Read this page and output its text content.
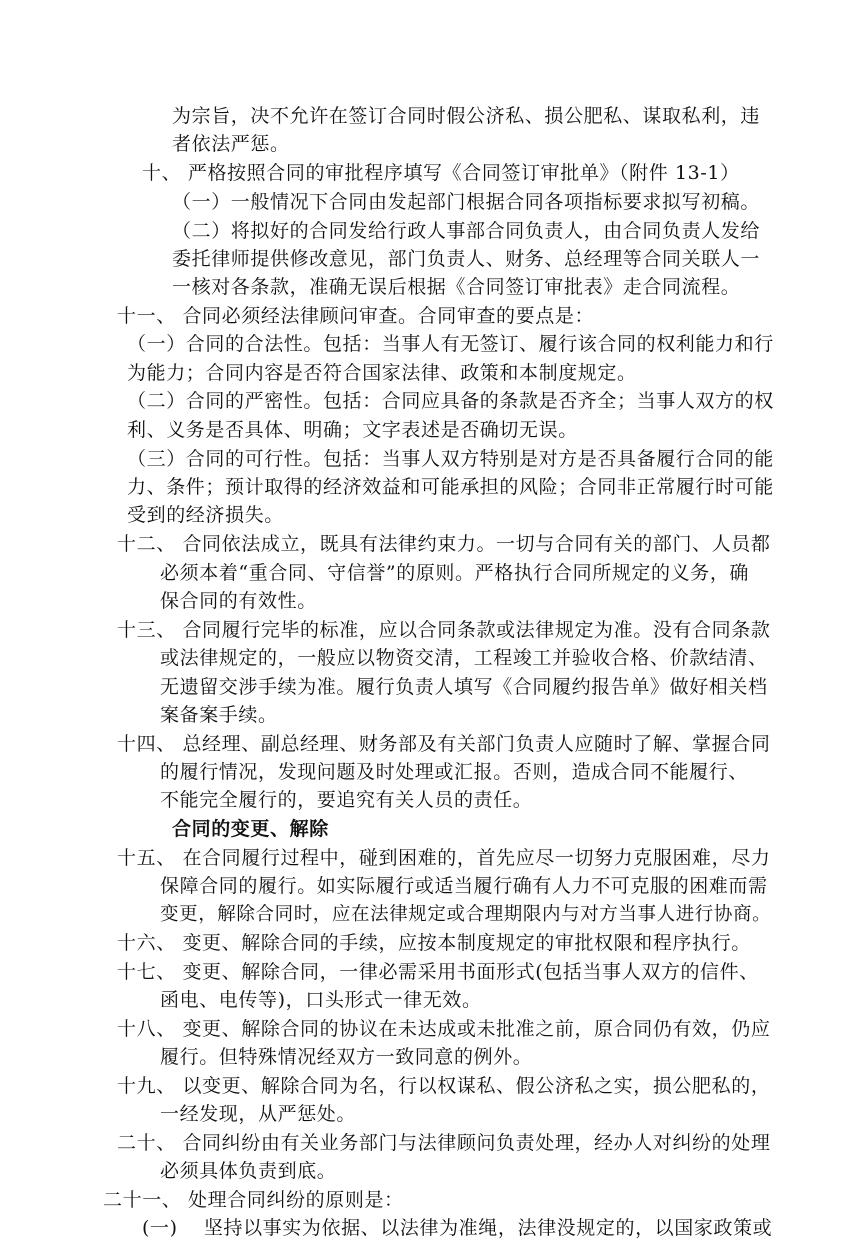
为宗旨，决不允许在签订合同时假公济私、损公肥私、谋取私利，违
者依法严惩。
十、 严格按照合同的审批程序填写《合同签订审批单》（附件 13-1）
（一）一般情况下合同由发起部门根据合同各项指标要求拟写初稿。
（二）将拟好的合同发给行政人事部合同负责人，由合同负责人发给
委托律师提供修改意见，部门负责人、财务、总经理等合同关联人一
一核对各条款，准确无误后根据《合同签订审批表》走合同流程。
十一、 合同必须经法律顾问审查。合同审查的要点是：
（一）合同的合法性。包括：当事人有无签订、履行该合同的权利能力和行
为能力；合同内容是否符合国家法律、政策和本制度规定。
（二）合同的严密性。包括：合同应具备的条款是否齐全；当事人双方的权
利、义务是否具体、明确；文字表述是否确切无误。
（三）合同的可行性。包括：当事人双方特别是对方是否具备履行合同的能
力、条件；预计取得的经济效益和可能承担的风险；合同非正常履行时可能
受到的经济损失。
十二、 合同依法成立，既具有法律约束力。一切与合同有关的部门、人员都
必须本着“重合同、守信誉”的原则。严格执行合同所规定的义务，确
保合同的有效性。
十三、 合同履行完毕的标准，应以合同条款或法律规定为准。没有合同条款
或法律规定的，一般应以物资交清，工程竣工并验收合格、价款结清、
无遗留交涉手续为准。履行负责人填写《合同履约报告单》做好相关档
案备案手续。
十四、 总经理、副总经理、财务部及有关部门负责人应随时了解、掌握合同
的履行情况，发现问题及时处理或汇报。否则，造成合同不能履行、
不能完全履行的，要追究有关人员的责任。
合同的变更、解除
十五、 在合同履行过程中，碰到困难的，首先应尽一切努力克服困难，尽力
保障合同的履行。如实际履行或适当履行确有人力不可克服的困难而需
变更，解除合同时，应在法律规定或合理期限内与对方当事人进行协商。
十六、 变更、解除合同的手续，应按本制度规定的审批权限和程序执行。
十七、 变更、解除合同，一律必需采用书面形式(包括当事人双方的信件、
函电、电传等)，口头形式一律无效。
十八、 变更、解除合同的协议在未达成或未批准之前，原合同仍有效，仍应
履行。但特殊情况经双方一致同意的例外。
十九、 以变更、解除合同为名，行以权谋私、假公济私之实，损公肥私的，
一经发现，从严惩处。
二十、 合同纠纷由有关业务部门与法律顾问负责处理，经办人对纠纷的处理
必须具体负责到底。
二十一、 处理合同纠纷的原则是：
(一)　 坚持以事实为依据、以法律为准绳，法律没规定的，以国家政策或
